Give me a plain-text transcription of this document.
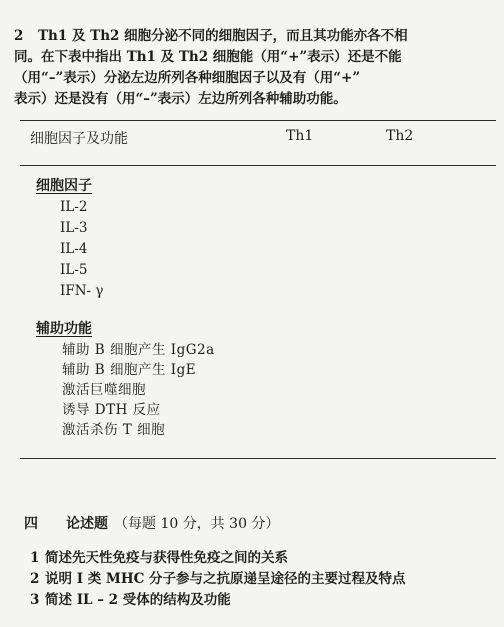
2 Th1 及 Th2 细胞分泌不同的细胞因子，而且其功能亦各不相
同。在下表中指出 Th1 及 Th2 细胞能（用“+”表示）还是不能
（用“–”表示）分泌左边所列各种细胞因子以及有（用“+”
表示）还是没有（用“–”表示）左边所列各种辅助功能。
细胞因子及功能	Th1	Th2
细胞因子
IL-2
IL-3
IL-4
IL-5
IFN- γ
辅助功能
辅助 B 细胞产生 IgG2a
辅助 B 细胞产生 IgE
激活巨噬细胞
诱导 DTH 反应
激活杀伤 T 细胞
四 论述题 （每题 10 分，共 30 分）
1 简述先天性免疫与获得性免疫之间的关系
2 说明 I 类 MHC 分子参与之抗原递呈途径的主要过程及特点
3 简述 IL – 2 受体的结构及功能
